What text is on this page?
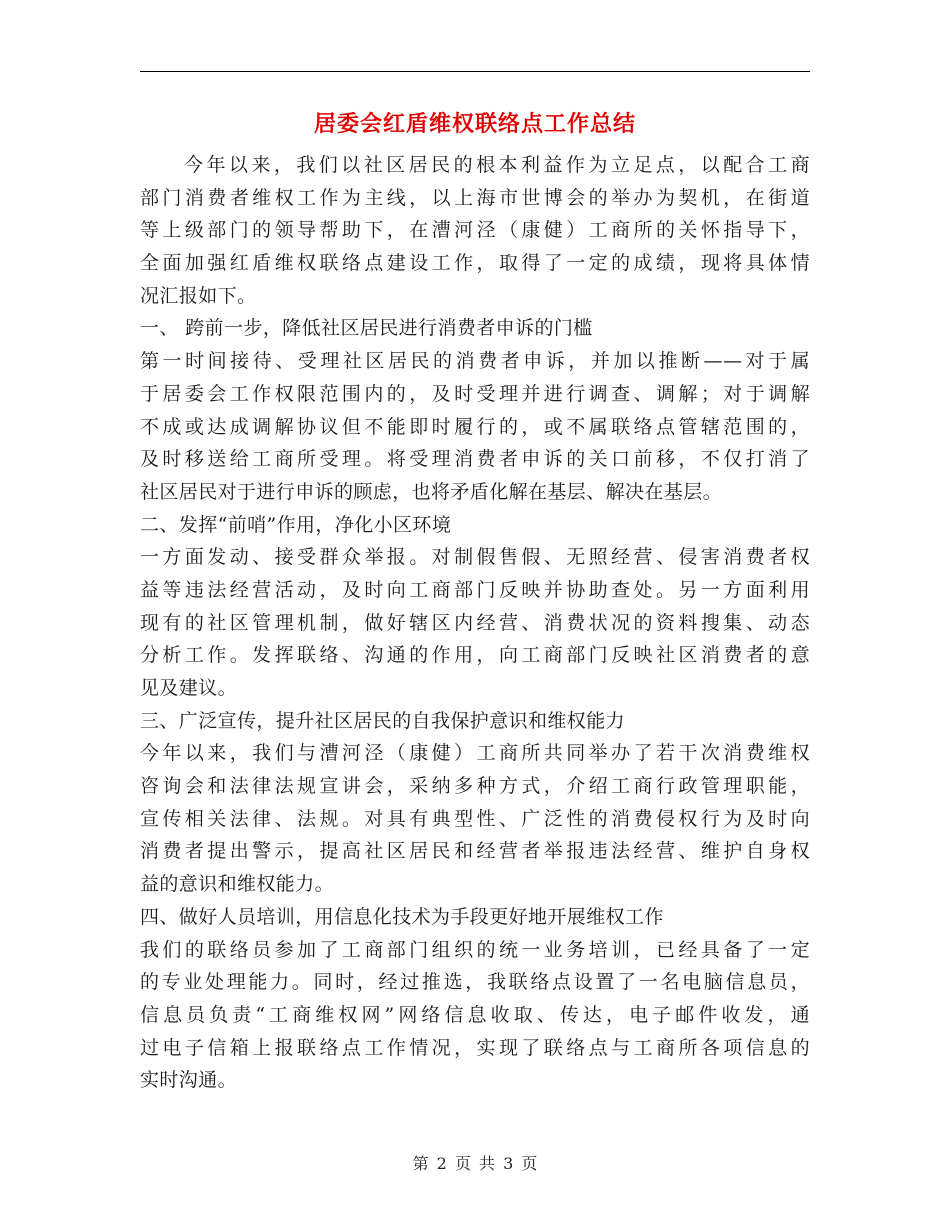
居委会红盾维权联络点工作总结
今年以来，我们以社区居民的根本利益作为立足点，以配合工商
部门消费者维权工作为主线，以上海市世博会的举办为契机，在街道
等上级部门的领导帮助下，在漕河泾（康健）工商所的关怀指导下，
全面加强红盾维权联络点建设工作，取得了一定的成绩，现将具体情
况汇报如下。
一、 跨前一步，降低社区居民进行消费者申诉的门槛
第一时间接待、受理社区居民的消费者申诉，并加以推断——对于属
于居委会工作权限范围内的，及时受理并进行调查、调解；对于调解
不成或达成调解协议但不能即时履行的，或不属联络点管辖范围的，
及时移送给工商所受理。将受理消费者申诉的关口前移，不仅打消了
社区居民对于进行申诉的顾虑，也将矛盾化解在基层、解决在基层。
二、发挥“前哨”作用，净化小区环境
一方面发动、接受群众举报。对制假售假、无照经营、侵害消费者权
益等违法经营活动，及时向工商部门反映并协助查处。另一方面利用
现有的社区管理机制，做好辖区内经营、消费状况的资料搜集、动态
分析工作。发挥联络、沟通的作用，向工商部门反映社区消费者的意
见及建议。
三、广泛宣传，提升社区居民的自我保护意识和维权能力
今年以来，我们与漕河泾（康健）工商所共同举办了若干次消费维权
咨询会和法律法规宣讲会，采纳多种方式，介绍工商行政管理职能，
宣传相关法律、法规。对具有典型性、广泛性的消费侵权行为及时向
消费者提出警示，提高社区居民和经营者举报违法经营、维护自身权
益的意识和维权能力。
四、做好人员培训，用信息化技术为手段更好地开展维权工作
我们的联络员参加了工商部门组织的统一业务培训，已经具备了一定
的专业处理能力。同时，经过推选，我联络点设置了一名电脑信息员，
信息员负责“工商维权网”网络信息收取、传达，电子邮件收发，通
过电子信箱上报联络点工作情况，实现了联络点与工商所各项信息的
实时沟通。
第 2 页 共 3 页
